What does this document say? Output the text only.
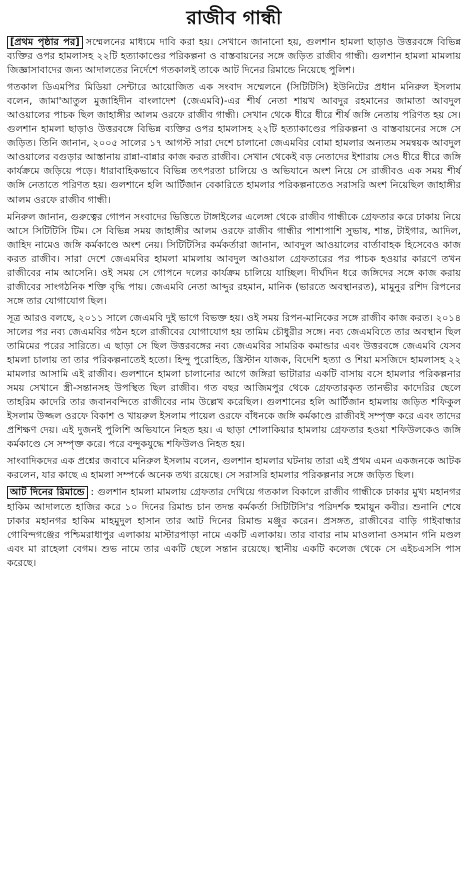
রাজীব গান্ধী

[প্রথম পৃষ্ঠার পর] সম্মেলনের মাধ্যমে দাবি করা হয়। সেখানে জানানো হয়, গুলশান হামলা ছাড়াও উত্তরবঙ্গে বিভিন্ন ব্যক্তির ওপর হামলাসহ ২২টি হত্যাকাণ্ডের পরিকল্পনা ও বাস্তবায়নের সঙ্গে জড়িত রাজীব গান্ধী। গুলশান হামলা মামলায় জিজ্ঞাসাবাদের জন্য আদালতের নির্দেশে গতকালই তাকে আট দিনের রিমান্ডে নিয়েছে পুলিশ।

গতকাল ডিএমপির মিডিয়া সেন্টারে আয়োজিত এক সংবাদ সম্মেলনে (সিটিটিসি) ইউনিটের প্রধান মনিরুল ইসলাম বলেন, জামা'আতুল মুজাহিদীন বাংলাদেশ (জেএমবি)-এর শীর্ষ নেতা শায়খ আবদুর রহমানের জামাতা আবদুল আওয়ালের পাচক ছিল জাহাঙ্গীর আলম ওরফে রাজীব গান্ধী। সেখান থেকে ধীরে ধীরে শীর্ষ জঙ্গি নেতায় পরিণত হয় সে। গুলশান হামলা ছাড়াও উত্তরবঙ্গে বিভিন্ন ব্যক্তির ওপর হামলাসহ ২২টি হত্যাকাণ্ডের পরিকল্পনা ও বাস্তবায়নের সঙ্গে সে জড়িত। তিনি জানান, ২০০৫ সালের ১৭ আগস্ট সারা দেশে চালানো জেএমবির বোমা হামলার অন্যতম সমন্বয়ক আবদুল আওয়ালের বগুড়ার আস্তানায় রান্না-বান্নার কাজ করত রাজীব। সেখান থেকেই বড় নেতাদের ইশারায় সেও ধীরে ধীরে জঙ্গি কার্যক্রমে জড়িয়ে পড়ে। ধারাবাহিকভাবে বিভিন্ন তৎপরতা চালিয়ে ও অভিযানে অংশ নিয়ে সে রাজীবও এক সময় শীর্ষ জঙ্গি নেতাতে পরিণত হয়। গুলশানে হলি আর্টিজান বেকারিতে হামলার পরিকল্পনাতেও সরাসরি অংশ নিয়েছিল জাহাঙ্গীর আলম ওরফে রাজীব গান্ধী।

মনিরুল জানান, গুরুত্বের গোপন সংবাদের ভিত্তিতে টাঙ্গাইলের এলেঙ্গা থেকে রাজীব গান্ধীকে গ্রেফতার করে ঢাকায় নিয়ে আসে সিটিটিসি টিম। সে বিভিন্ন সময় জাহাঙ্গীর আলম ওরফে রাজীব গান্ধীর পাশাপাশি সুভাষ, শান্ত, টাইগার, আদিল, জাহিদ নামেও জঙ্গি কর্মকাণ্ডে অংশ নেয়। সিটিটিসির কর্মকর্তারা জানান, আবদুল আওয়ালের বার্তাবাহক হিসেবেও কাজ করত রাজীব। সারা দেশে জেএমবির হামলা মামলায় আবদুল আওয়াল গ্রেফতারের পর পাচক হওয়ার কারণে তখন রাজীবের নাম আসেনি। ওই সময় সে গোপনে দলের কার্যক্রম চালিয়ে যাচ্ছিল। দীর্ঘদিন ধরে জঙ্গিদের সঙ্গে কাজ করায় রাজীবের সাংগঠনিক শক্তি বৃদ্ধি পায়। জেএমবি নেতা আব্দুর রহমান, মানিক (ভারতে অবস্থানরত), মামুনুর রশিদ রিপনের সঙ্গে তার যোগাযোগ ছিল।

সূত্র আরও বলছে, ২০১১ সালে জেএমবি দুই ভাগে বিভক্ত হয়। ওই সময় রিপন-মানিকের সঙ্গে রাজীব কাজ করত। ২০১৪ সালের পর নব্য জেএমবির গঠন হলে রাজীবের যোগাযোগ হয় তামিম চৌধুরীর সঙ্গে। নব্য জেএমবিতে তার অবস্থান ছিল তামিমের পরের সারিতে। এ ছাড়া সে ছিল উত্তরবঙ্গের নব্য জেএমবির সামরিক কমান্ডার এবং উত্তরবঙ্গে জেএমবি যেসব হামলা চালায় তা তার পরিকল্পনাতেই হতো। হিন্দু পুরোহিত, খ্রিস্টান যাজক, বিদেশি হত্যা ও শিয়া মসজিদে হামলাসহ ২২ মামলার আসামি এই রাজীব। গুলশানে হামলা চালানোর আগে জঙ্গিরা ভাটারার একটি বাসায় বসে হামলার পরিকল্পনার সময় সেখানে স্ত্রী-সন্তানসহ উপস্থিত ছিল রাজীব। গত বছর আজিমপুর থেকে গ্রেফতারকৃত তানভীর কাদেরির ছেলে তাহরিম কাদেরি তার জবানবন্দিতে রাজীবের নাম উল্লেখ করেছিল। গুলশানের হলি আর্টিজান হামলায় জড়িত শফিকুল ইসলাম উজ্জল ওরফে বিকাশ ও খায়রুল ইসলাম পায়েল ওরফে বাঁধনকে জঙ্গি কর্মকাণ্ডে রাজীবই সম্পৃক্ত করে এবং তাদের প্রশিক্ষণ দেয়। এই দুজনই পুলিশি অভিযানে নিহত হয়। এ ছাড়া শোলাকিয়ার হামলায় গ্রেফতার হওয়া শফিউলকেও জঙ্গি কর্মকাণ্ডে সে সম্পৃক্ত করে। পরে বন্দুকযুদ্ধে শফিউলও নিহত হয়।

সাংবাদিকদের এক প্রশ্নের জবাবে মনিরুল ইসলাম বলেন, গুলশান হামলার ঘটনায় তারা এই প্রথম এমন একজনকে আটক করলেন, যার কাছে এ হামলা সম্পর্কে অনেক তথ্য রয়েছে। সে সরাসরি হামলার পরিকল্পনার সঙ্গে জড়িত ছিল।

আট দিনের রিমান্ডে : গুলশান হামলা মামলায় গ্রেফতার দেখিয়ে গতকাল বিকালে রাজীব গান্ধীকে ঢাকার মুখ্য মহানগর হাকিম আদালতে হাজির করে ১০ দিনের রিমান্ড চান তদন্ত কর্মকর্তা সিটিটিসি'র পরিদর্শক হুমায়ুন কবীর। শুনানি শেষে ঢাকার মহানগর হাকিম মাহমুদুল হাসান তার আট দিনের রিমান্ড মঞ্জুর করেন। প্রসঙ্গত, রাজীবের বাড়ি গাইবান্ধার গোবিন্দগঞ্জের পশ্চিমরাধাপুর এলাকায় মাস্টারপাড়া নামে একটি এলাকায়। তার বাবার নাম মাওলানা ওসমান গনি মণ্ডল এবং মা রাহেলা বেগম। শুভ নামে তার একটি ছেলে সন্তান রয়েছে। স্থানীয় একটি কলেজ থেকে সে এইচএসসি পাস করেছে।
